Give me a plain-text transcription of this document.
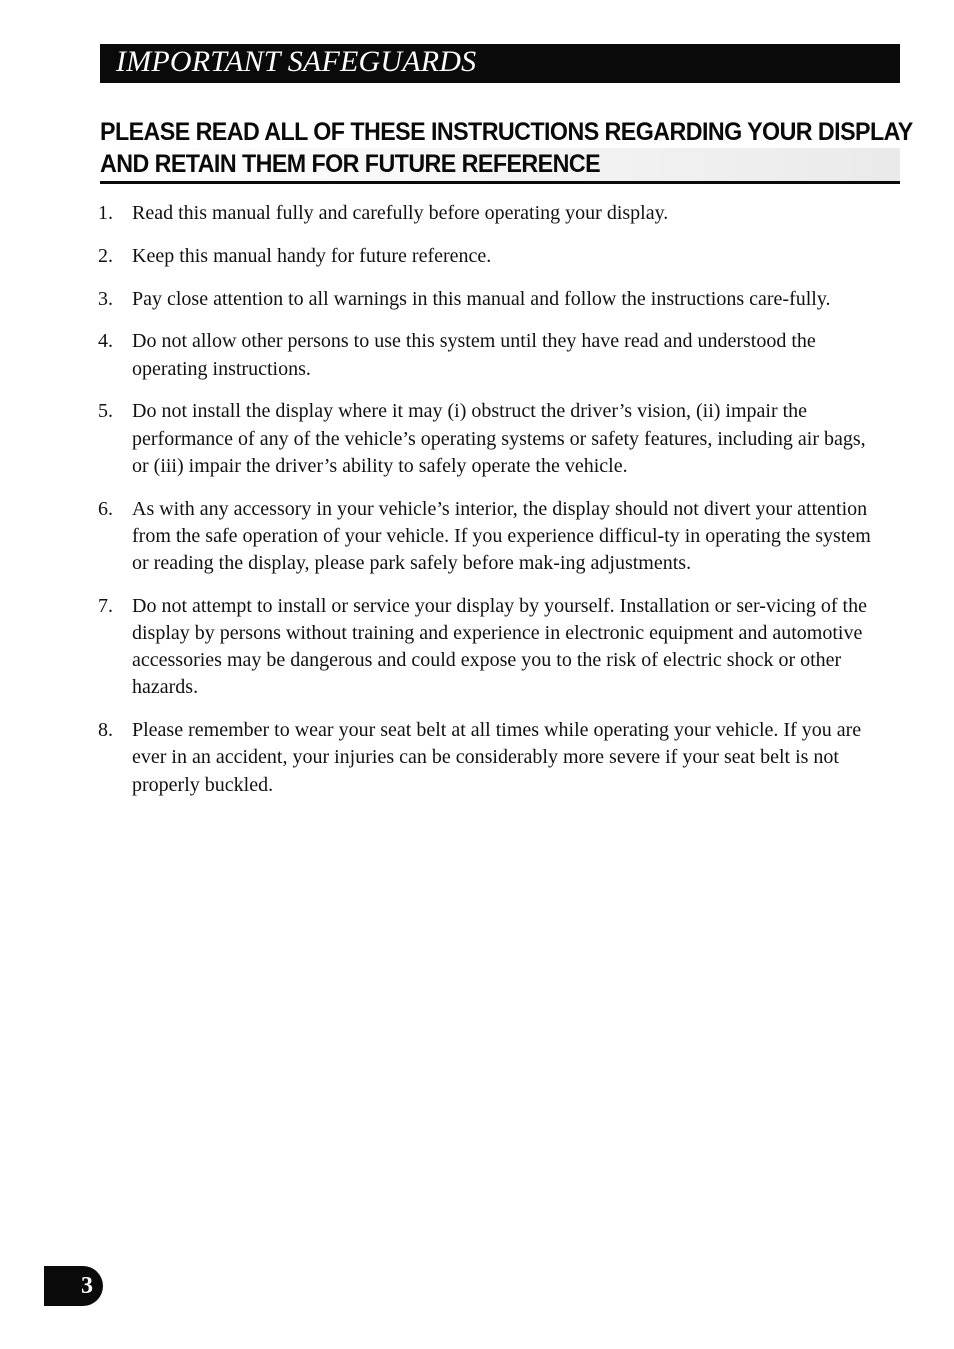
IMPORTANT SAFEGUARDS
PLEASE READ ALL OF THESE INSTRUCTIONS REGARDING YOUR DISPLAY
AND RETAIN THEM FOR FUTURE REFERENCE
1. Read this manual fully and carefully before operating your display.
2. Keep this manual handy for future reference.
3. Pay close attention to all warnings in this manual and follow the instructions care-fully.
4. Do not allow other persons to use this system until they have read and understood the operating instructions.
5. Do not install the display where it may (i) obstruct the driver’s vision, (ii) impair the performance of any of the vehicle’s operating systems or safety features, including air bags, or (iii) impair the driver’s ability to safely operate the vehicle.
6. As with any accessory in your vehicle’s interior, the display should not divert your attention from the safe operation of your vehicle. If you experience difficul-ty in operating the system or reading the display, please park safely before mak-ing adjustments.
7. Do not attempt to install or service your display by yourself. Installation or ser-vicing of the display by persons without training and experience in electronic equipment and automotive accessories may be dangerous and could expose you to the risk of electric shock or other hazards.
8. Please remember to wear your seat belt at all times while operating your vehicle. If you are ever in an accident, your injuries can be considerably more severe if your seat belt is not properly buckled.
3
